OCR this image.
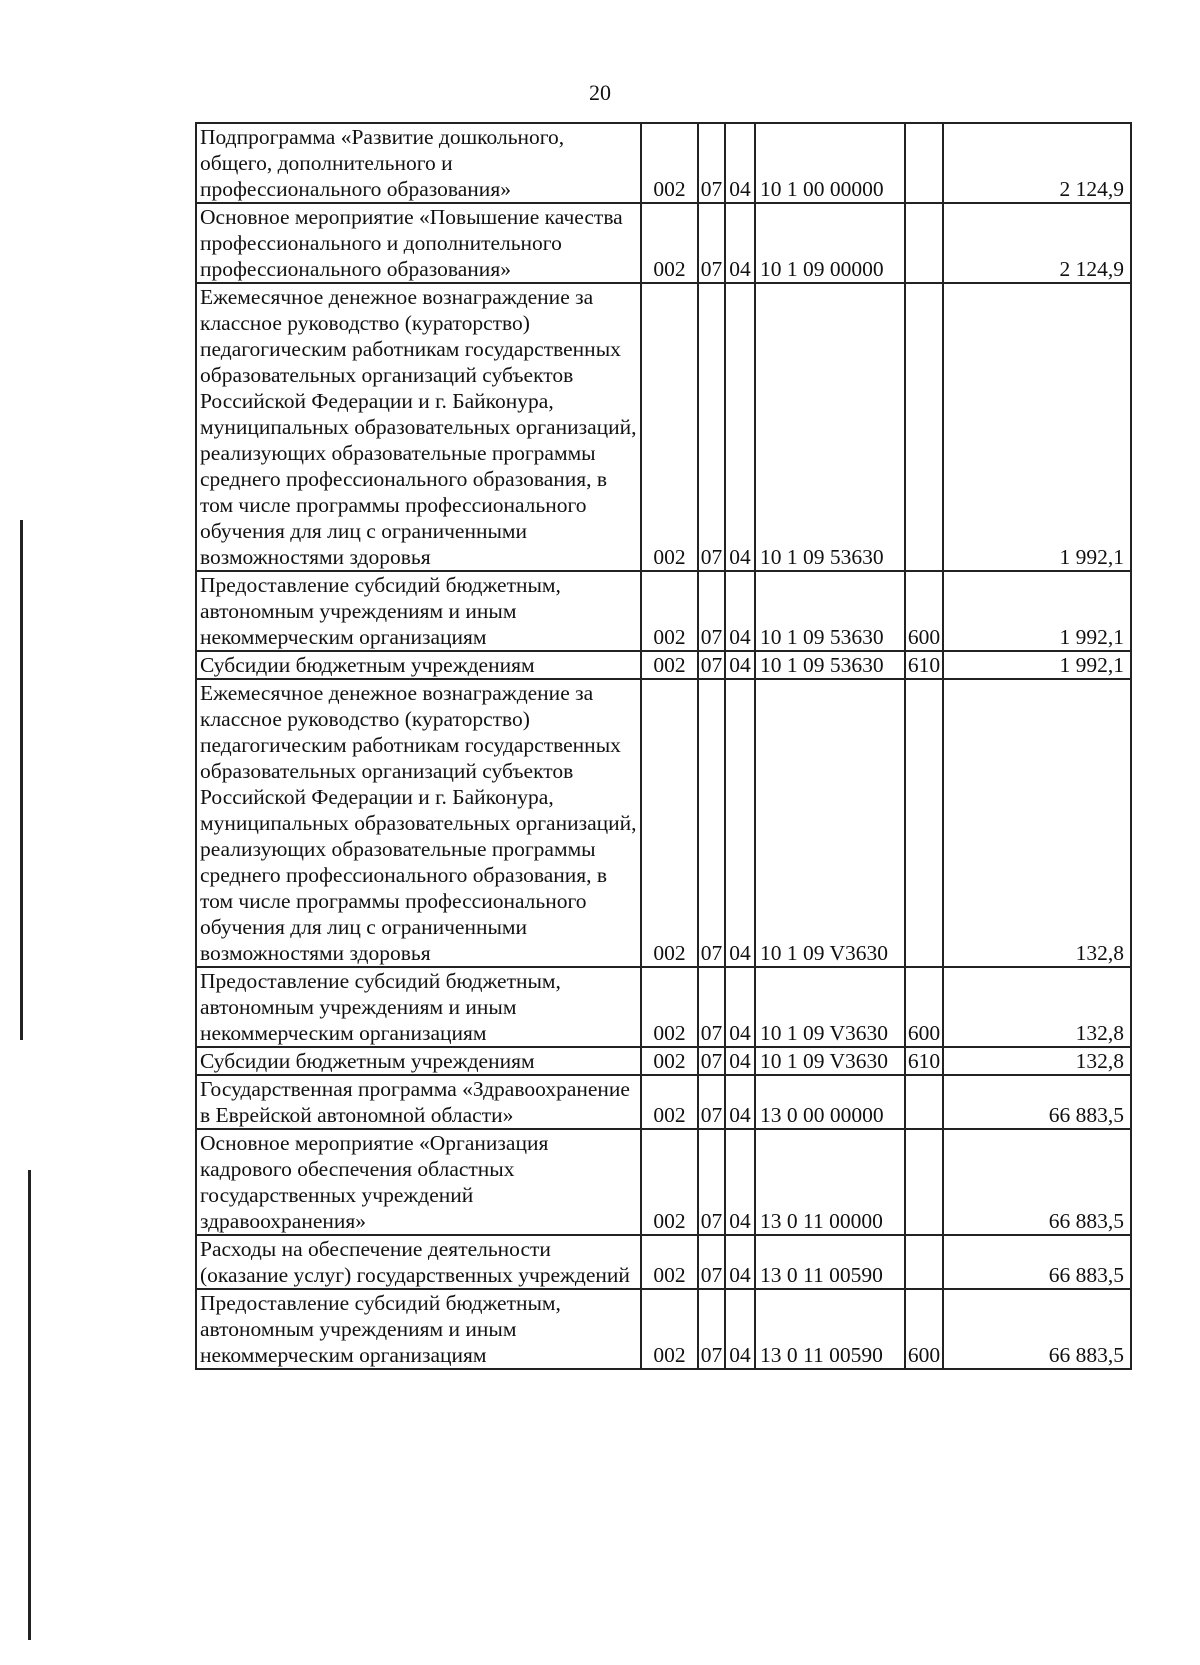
20
Подпрограмма «Развитие дошкольного, общего, дополнительного и профессионального образования»	002	07	04	10 1 00 00000		2 124,9
Основное мероприятие «Повышение качества профессионального и дополнительного профессионального образования»	002	07	04	10 1 09 00000		2 124,9
Ежемесячное денежное вознаграждение за классное руководство (кураторство) педагогическим работникам государственных образовательных организаций субъектов Российской Федерации и г. Байконура, муниципальных образовательных организаций, реализующих образовательные программы среднего профессионального образования, в том числе программы профессионального обучения для лиц с ограниченными возможностями здоровья	002	07	04	10 1 09 53630		1 992,1
Предоставление субсидий бюджетным, автономным учреждениям и иным некоммерческим организациям	002	07	04	10 1 09 53630	600	1 992,1
Субсидии бюджетным учреждениям	002	07	04	10 1 09 53630	610	1 992,1
Ежемесячное денежное вознаграждение за классное руководство (кураторство) педагогическим работникам государственных образовательных организаций субъектов Российской Федерации и г. Байконура, муниципальных образовательных организаций, реализующих образовательные программы среднего профессионального образования, в том числе программы профессионального обучения для лиц с ограниченными возможностями здоровья	002	07	04	10 1 09 V3630		132,8
Предоставление субсидий бюджетным, автономным учреждениям и иным некоммерческим организациям	002	07	04	10 1 09 V3630	600	132,8
Субсидии бюджетным учреждениям	002	07	04	10 1 09 V3630	610	132,8
Государственная программа «Здравоохранение в Еврейской автономной области»	002	07	04	13 0 00 00000		66 883,5
Основное мероприятие «Организация кадрового обеспечения областных государственных учреждений здравоохранения»	002	07	04	13 0 11 00000		66 883,5
Расходы на обеспечение деятельности (оказание услуг) государственных учреждений	002	07	04	13 0 11 00590		66 883,5
Предоставление субсидий бюджетным, автономным учреждениям и иным некоммерческим организациям	002	07	04	13 0 11 00590	600	66 883,5
